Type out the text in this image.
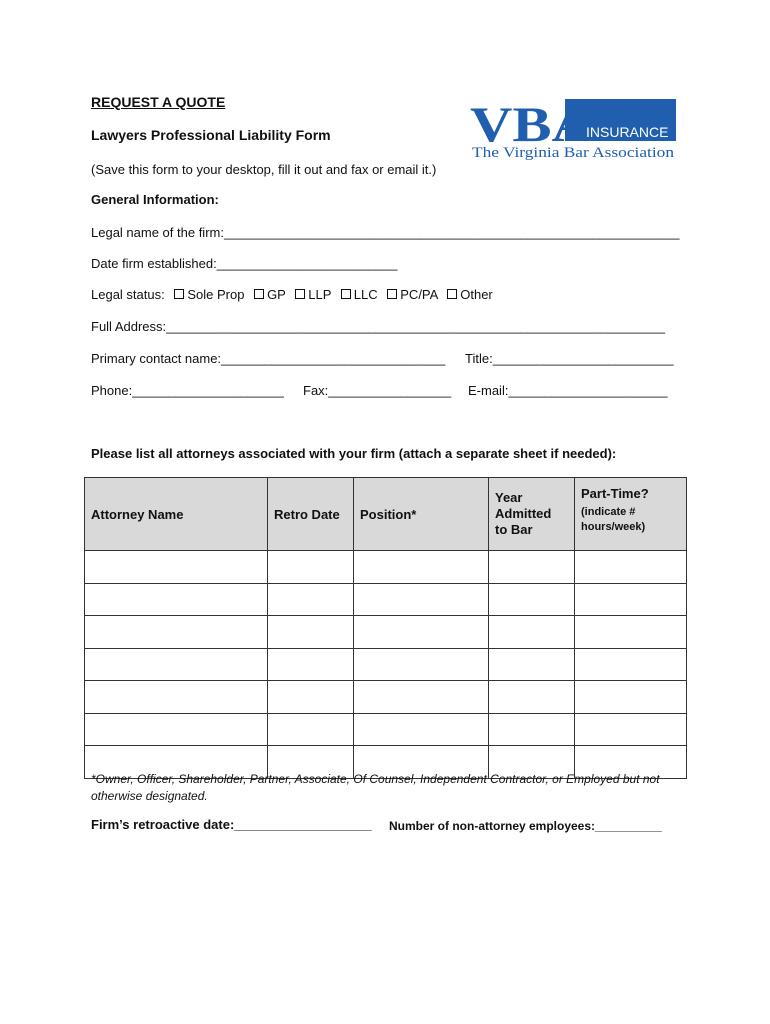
REQUEST A QUOTE
Lawyers Professional Liability Form
(Save this form to your desktop, fill it out and fax or email it.)
VBA
INSURANCE
The Virginia Bar Association
General Information:
Legal name of the firm:_______________________________________________________________
Date firm established:_________________________
Legal status: Sole Prop GP LLP LLC PC/PA Other
Full Address:_____________________________________________________________________
Primary contact name:_______________________________ Title:_________________________
Phone:_____________________ Fax:_________________ E-mail:______________________
Please list all attorneys associated with your firm (attach a separate sheet if needed):
Attorney Name	Retro Date	Position*	Year
Admitted
to Bar	Part-Time?
(indicate #
hours/week)

*Owner, Officer, Shareholder, Partner, Associate, Of Counsel, Independent Contractor, or Employed but not otherwise designated.
Firm’s retroactive date:___________________ Number of non-attorney employees:__________
